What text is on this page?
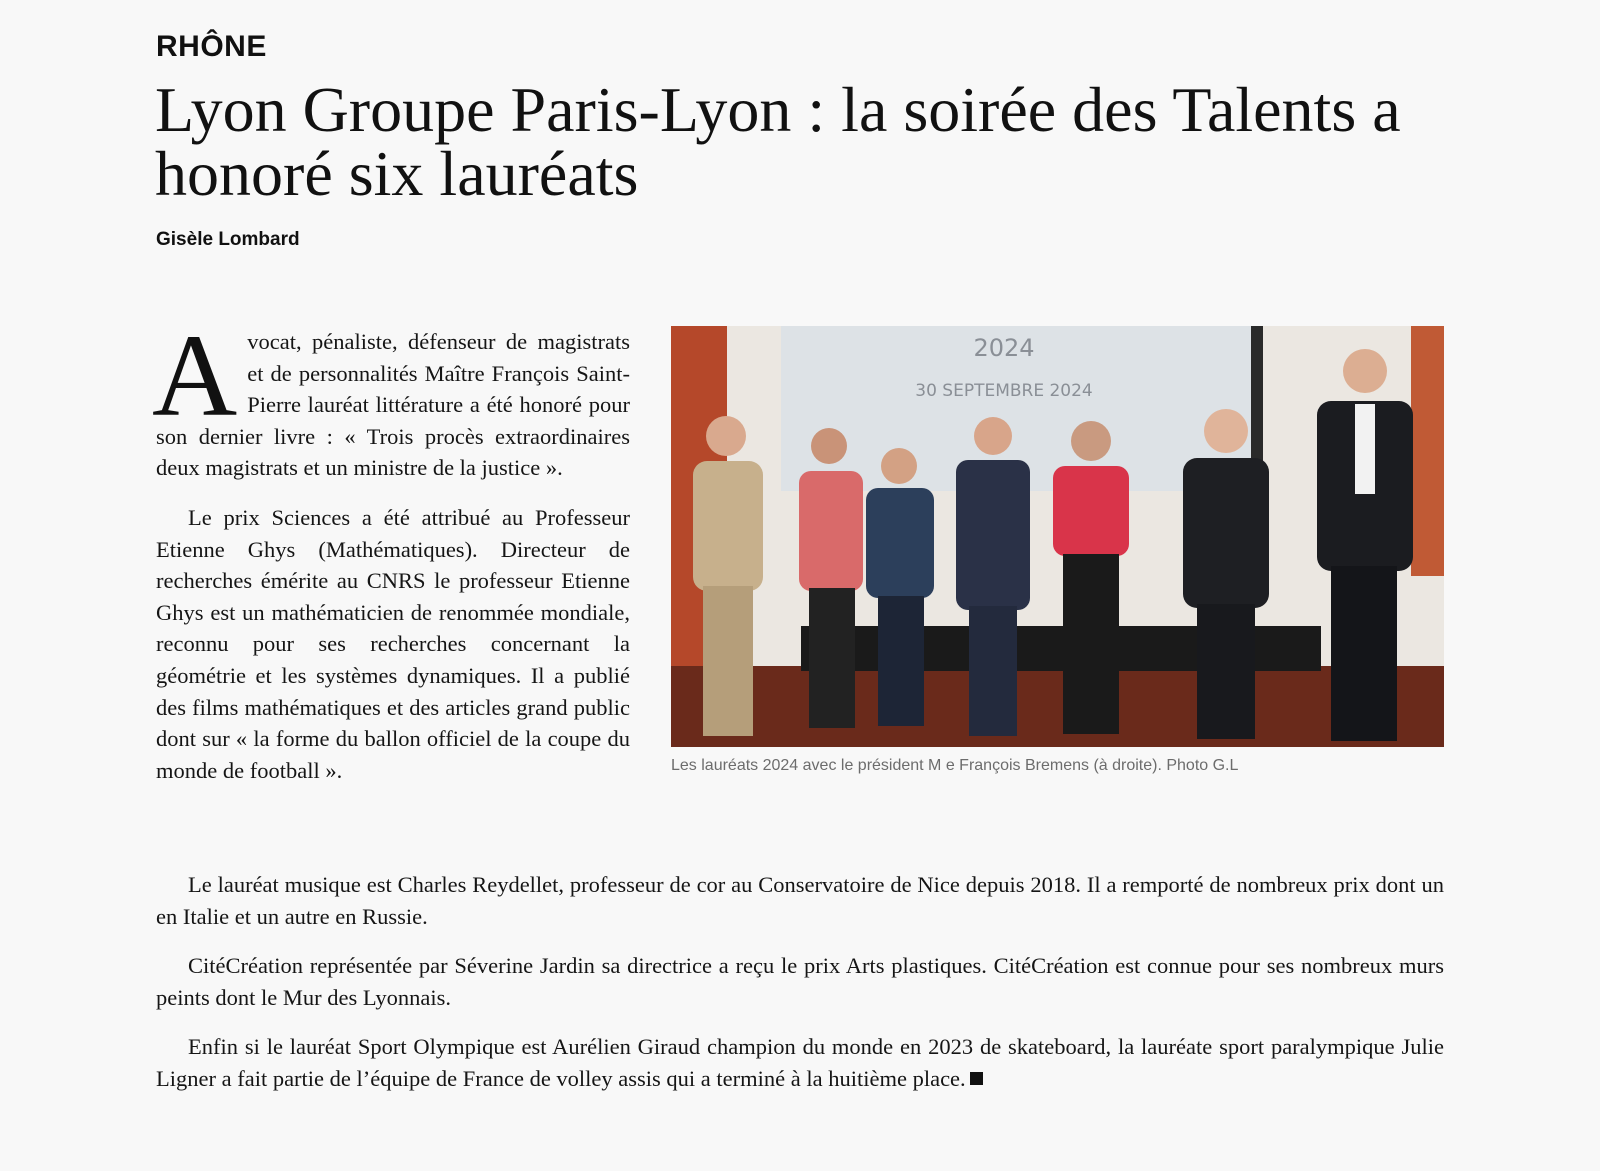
RHÔNE
Lyon Groupe Paris-Lyon : la soirée des Talents a honoré six lauréats
Gisèle Lombard

Avocat, pénaliste, défenseur de magistrats et de personnalités Maître François Saint-Pierre lauréat littérature a été honoré pour son dernier livre : « Trois procès extraordinaires deux magistrats et un ministre de la justice ».

Le prix Sciences a été attribué au Professeur Etienne Ghys (Mathématiques). Directeur de recherches émérite au CNRS le professeur Etienne Ghys est un mathématicien de renommée mondiale, reconnu pour ses recherches concernant la géométrie et les systèmes dynamiques. Il a publié des films mathématiques et des articles grand public dont sur « la forme du ballon officiel de la coupe du monde de football ».

2024
30 SEPTEMBRE 2024
Les lauréats 2024 avec le président M e François Bremens (à droite). Photo G.L

Le lauréat musique est Charles Reydellet, professeur de cor au Conservatoire de Nice depuis 2018. Il a remporté de nombreux prix dont un en Italie et un autre en Russie.

CitéCréation représentée par Séverine Jardin sa directrice a reçu le prix Arts plastiques. CitéCréation est connue pour ses nombreux murs peints dont le Mur des Lyonnais.

Enfin si le lauréat Sport Olympique est Aurélien Giraud champion du monde en 2023 de skateboard, la lauréate sport paralympique Julie Ligner a fait partie de l’équipe de France de volley assis qui a terminé à la huitième place.
